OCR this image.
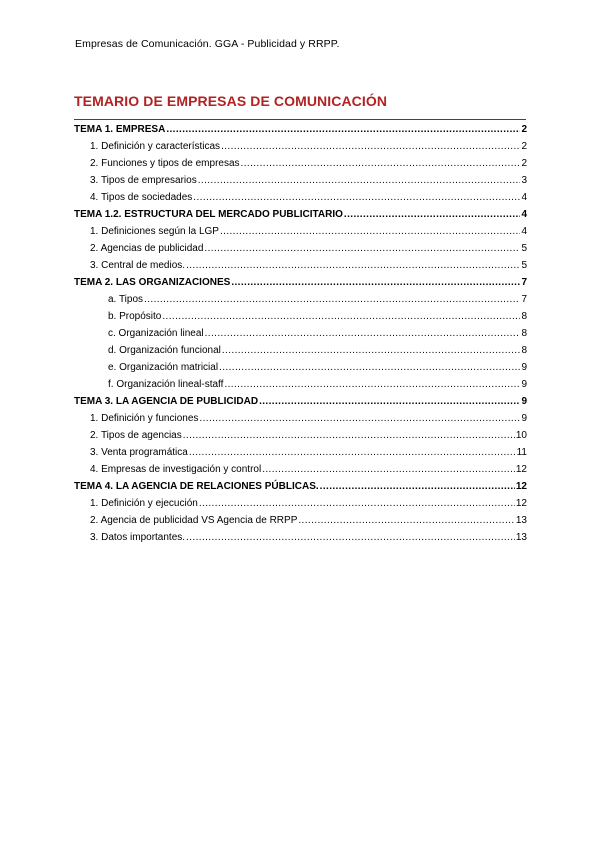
Empresas de Comunicación. GGA - Publicidad y RRPP.
TEMARIO DE EMPRESAS DE COMUNICACIÓN
TEMA 1. EMPRESA .....	2
1. Definición y características .....	2
2. Funciones y tipos de empresas .....	2
3. Tipos de empresarios .....	3
4. Tipos de sociedades .....	4
TEMA 1.2. ESTRUCTURA DEL MERCADO PUBLICITARIO .....	4
1. Definiciones según la LGP .....	4
2. Agencias de publicidad .....	5
3. Central de medios. .....	5
TEMA 2. LAS ORGANIZACIONES .....	7
a. Tipos .....	7
b. Propósito .....	8
c. Organización lineal .....	8
d. Organización funcional .....	8
e. Organización matricial .....	9
f. Organización lineal-staff .....	9
TEMA 3. LA AGENCIA DE PUBLICIDAD .....	9
1. Definición y funciones .....	9
2. Tipos de agencias .....	10
3. Venta programática .....	11
4. Empresas de investigación y control .....	12
TEMA 4. LA AGENCIA DE RELACIONES PÚBLICAS. .....	12
1. Definición y ejecución .....	12
2. Agencia de publicidad VS Agencia de RRPP .....	13
3. Datos importantes. .....	13
